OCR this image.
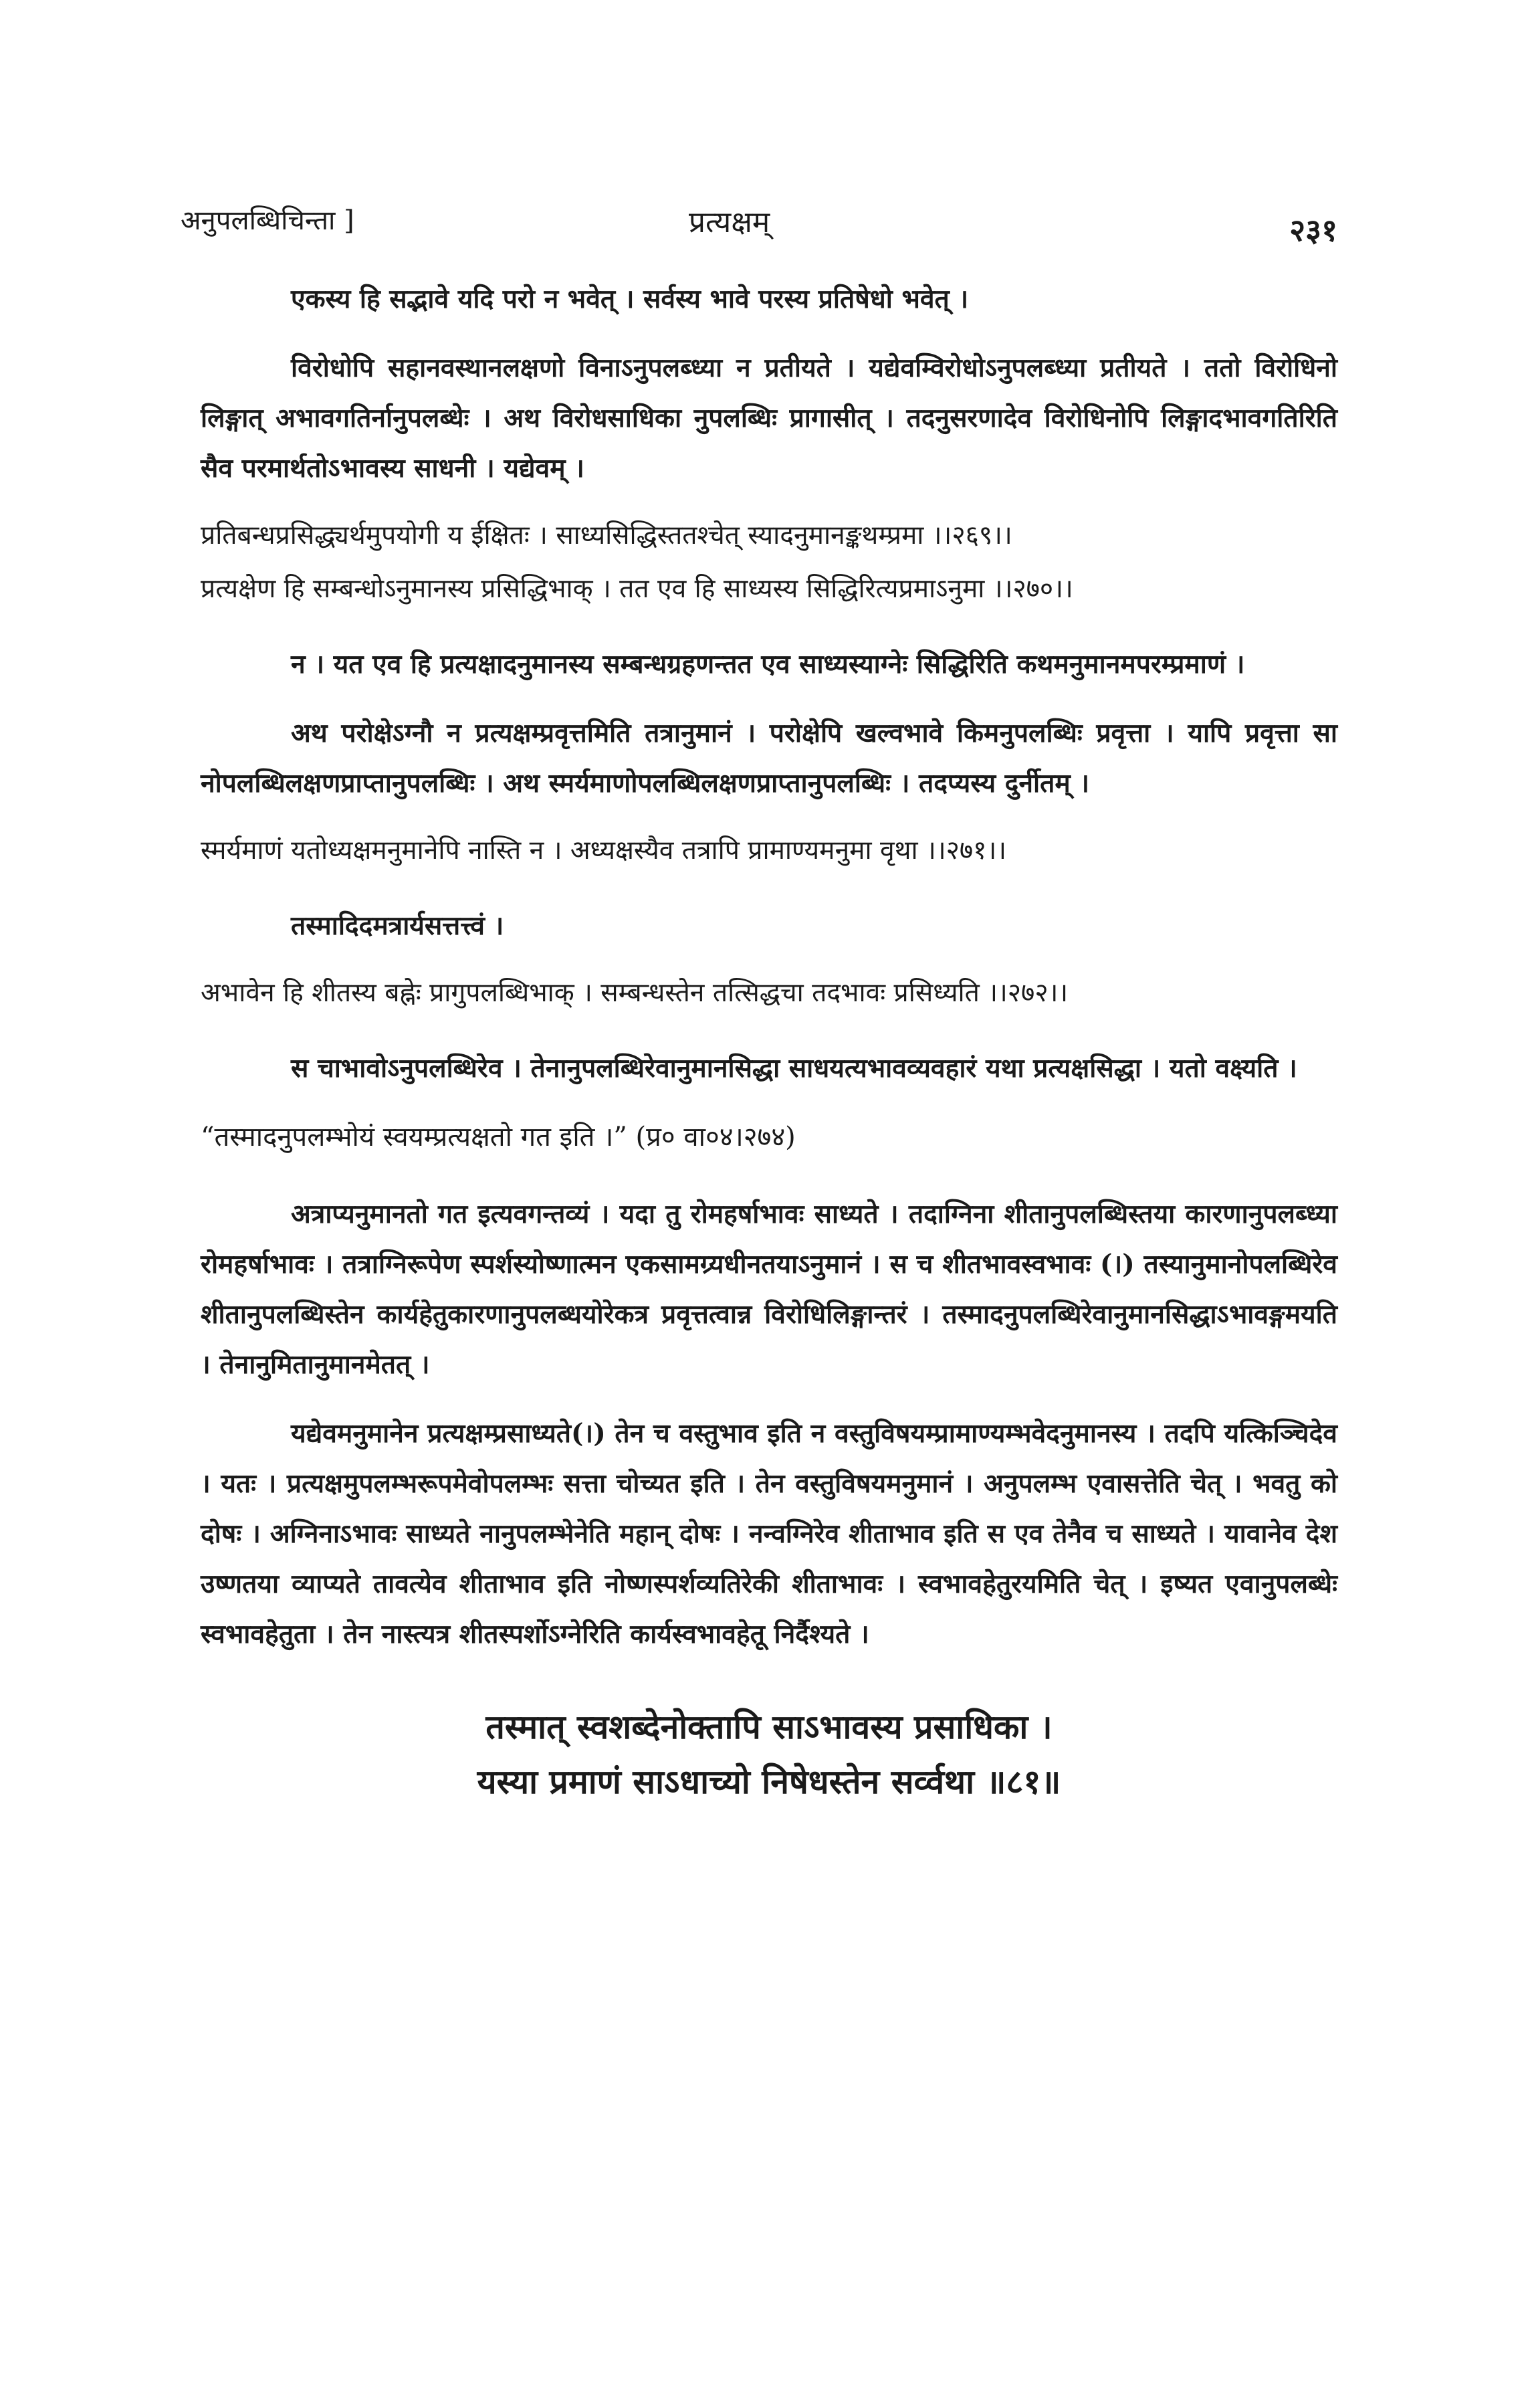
अनुपलब्धिचिन्ता ]	प्रत्यक्षम्	२३१

एकस्य हि सद्भावे यदि परो न भवेत् । सर्वस्य भावे परस्य प्रतिषेधो भवेत् ।

विरोधोपि सहानवस्थानलक्षणो विनाऽनुपलब्ध्या न प्रतीयते । यद्येवम्विरोधोऽनुपलब्ध्या प्रतीयते । ततो विरोधिनो लिङ्गात् अभावगतिर्नानुपलब्धेः । अथ विरोधसाधिका नुपलब्धिः प्रागासीत् । तदनुसरणादेव विरोधिनोपि लिङ्गादभावगतिरिति सैव परमार्थतोऽभावस्य साधनी । यद्येवम् ।

प्रतिबन्धप्रसिद्ध्यर्थमुपयोगी य ईक्षितः । साध्यसिद्धिस्ततश्चेत् स्यादनुमानङ्कथम्प्रमा ।।२६९।।
प्रत्यक्षेण हि सम्बन्धोऽनुमानस्य प्रसिद्धिभाक् । तत एव हि साध्यस्य सिद्धिरित्यप्रमाऽनुमा ।।२७०।।

न । यत एव हि प्रत्यक्षादनुमानस्य सम्बन्धग्रहणन्तत एव साध्यस्याग्नेः सिद्धिरिति कथमनुमानमपरम्प्रमाणं ।

अथ परोक्षेऽग्नौ न प्रत्यक्षम्प्रवृत्तमिति तत्रानुमानं । परोक्षेपि खल्वभावे किमनुपलब्धिः प्रवृत्ता । यापि प्रवृत्ता सा नोपलब्धिलक्षणप्राप्तानुपलब्धिः । अथ स्मर्यमाणोपलब्धिलक्षणप्राप्तानुपलब्धिः । तदप्यस्य दुर्नीतम् ।

स्मर्यमाणं यतोध्यक्षमनुमानेपि नास्ति न । अध्यक्षस्यैव तत्रापि प्रामाण्यमनुमा वृथा ।।२७१।।

तस्मादिदमत्रार्यसत्तत्त्वं ।

अभावेन हि शीतस्य बह्नेः प्रागुपलब्धिभाक् । सम्बन्धस्तेन तत्सिद्धचा तदभावः प्रसिध्यति ।।२७२।।

स चाभावोऽनुपलब्धिरेव । तेनानुपलब्धिरेवानुमानसिद्धा साधयत्यभावव्यवहारं यथा प्रत्यक्षसिद्धा । यतो वक्ष्यति ।

“तस्मादनुपलम्भोयं स्वयम्प्रत्यक्षतो गत इति ।” (प्र० वा०४।२७४)

अत्राप्यनुमानतो गत इत्यवगन्तव्यं । यदा तु रोमहर्षाभावः साध्यते । तदाग्निना शीतानुपलब्धिस्तया कारणानुपलब्ध्या रोमहर्षाभावः । तत्राग्निरूपेण स्पर्शस्योष्णात्मन एकसामग्र्यधीनतयाऽनुमानं । स च शीतभावस्वभावः (।) तस्यानुमानोपलब्धिरेव शीतानुपलब्धिस्तेन कार्यहेतुकारणानुपलब्धयोरेकत्र प्रवृत्तत्वान्न विरोधिलिङ्गान्तरं । तस्मादनुपलब्धिरेवानुमानसिद्धाऽभावङ्गमयति । तेनानुमितानुमानमेतत् ।

यद्येवमनुमानेन प्रत्यक्षम्प्रसाध्यते(।) तेन च वस्तुभाव इति न वस्तुविषयम्प्रामाण्यम्भवेदनुमानस्य । तदपि यत्किञ्चिदेव । यतः । प्रत्यक्षमुपलम्भरूपमेवोपलम्भः सत्ता चोच्यत इति । तेन वस्तुविषयमनुमानं । अनुपलम्भ एवासत्तेति चेत् । भवतु को दोषः । अग्निनाऽभावः साध्यते नानुपलम्भेनेति महान् दोषः । नन्वग्निरेव शीताभाव इति स एव तेनैव च साध्यते । यावानेव देश उष्णतया व्याप्यते तावत्येव शीताभाव इति नोष्णस्पर्शव्यतिरेकी शीताभावः । स्वभावहेतुरयमिति चेत् । इष्यत एवानुपलब्धेः स्वभावहेतुता । तेन नास्त्यत्र शीतस्पर्शोऽग्नेरिति कार्यस्वभावहेतू निर्दैश्यते ।

तस्मात् स्वशब्देनोक्तापि साऽभावस्य प्रसाधिका ।
यस्या प्रमाणं साऽधाच्यो निषेधस्तेन सर्व्वथा ॥८१॥
